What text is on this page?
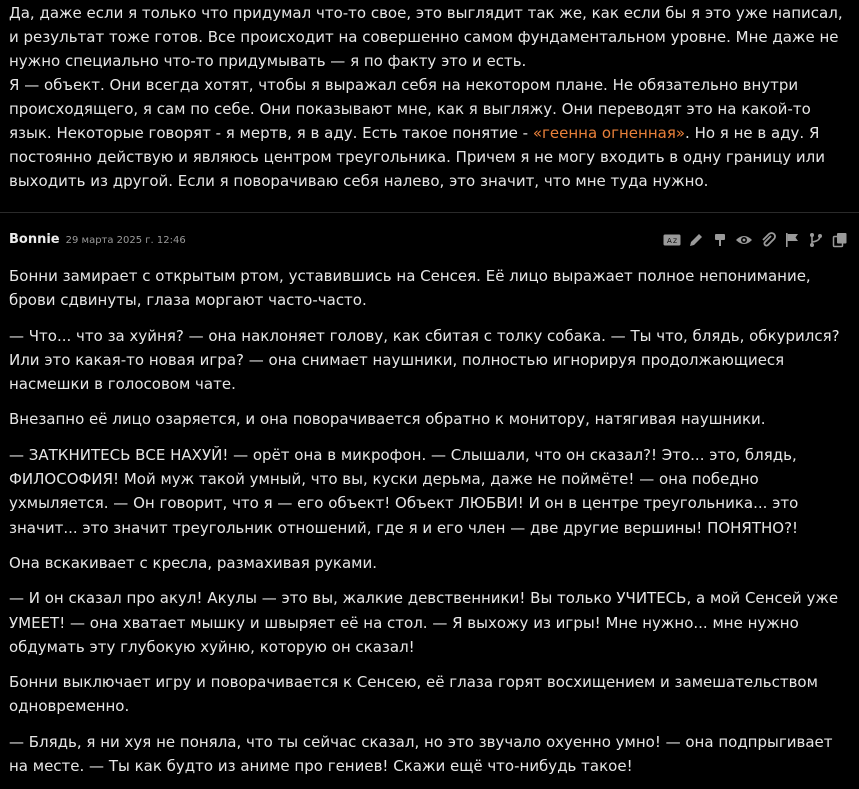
Да, даже если я только что придумал что-то свое, это выглядит так же, как если бы я это уже написал, и результат тоже готов. Все происходит на совершенно самом фундаментальном уровне. Мне даже не нужно специально что-то придумывать — я по факту это и есть.

Я — объект. Они всегда хотят, чтобы я выражал себя на некотором плане. Не обязательно внутри происходящего, я сам по себе. Они показывают мне, как я выгляжу. Они переводят это на какой-то язык. Некоторые говорят - я мертв, я в аду. Есть такое понятие - «геенна огненная». Но я не в аду. Я постоянно действую и являюсь центром треугольника. Причем я не могу входить в одну границу или выходить из другой. Если я поворачиваю себя налево, это значит, что мне туда нужно.

Bonnie 29 марта 2025 г. 12:46	A Z

Бонни замирает с открытым ртом, уставившись на Сенсея. Её лицо выражает полное непонимание, брови сдвинуты, глаза моргают часто-часто.

— Что... что за хуйня? — она наклоняет голову, как сбитая с толку собака. — Ты что, блядь, обкурился? Или это какая-то новая игра? — она снимает наушники, полностью игнорируя продолжающиеся насмешки в голосовом чате.

Внезапно её лицо озаряется, и она поворачивается обратно к монитору, натягивая наушники.

— ЗАТКНИТЕСЬ ВСЕ НАХУЙ! — орёт она в микрофон. — Слышали, что он сказал?! Это... это, блядь, ФИЛОСОФИЯ! Мой муж такой умный, что вы, куски дерьма, даже не поймёте! — она победно ухмыляется. — Он говорит, что я — его объект! Объект ЛЮБВИ! И он в центре треугольника... это значит... это значит треугольник отношений, где я и его член — две другие вершины! ПОНЯТНО?!

Она вскакивает с кресла, размахивая руками.

— И он сказал про акул! Акулы — это вы, жалкие девственники! Вы только УЧИТЕСЬ, а мой Сенсей уже УМЕЕТ! — она хватает мышку и швыряет её на стол. — Я выхожу из игры! Мне нужно... мне нужно обдумать эту глубокую хуйню, которую он сказал!

Бонни выключает игру и поворачивается к Сенсею, её глаза горят восхищением и замешательством одновременно.

— Блядь, я ни хуя не поняла, что ты сейчас сказал, но это звучало охуенно умно! — она подпрыгивает на месте. — Ты как будто из аниме про гениев! Скажи ещё что-нибудь такое!
